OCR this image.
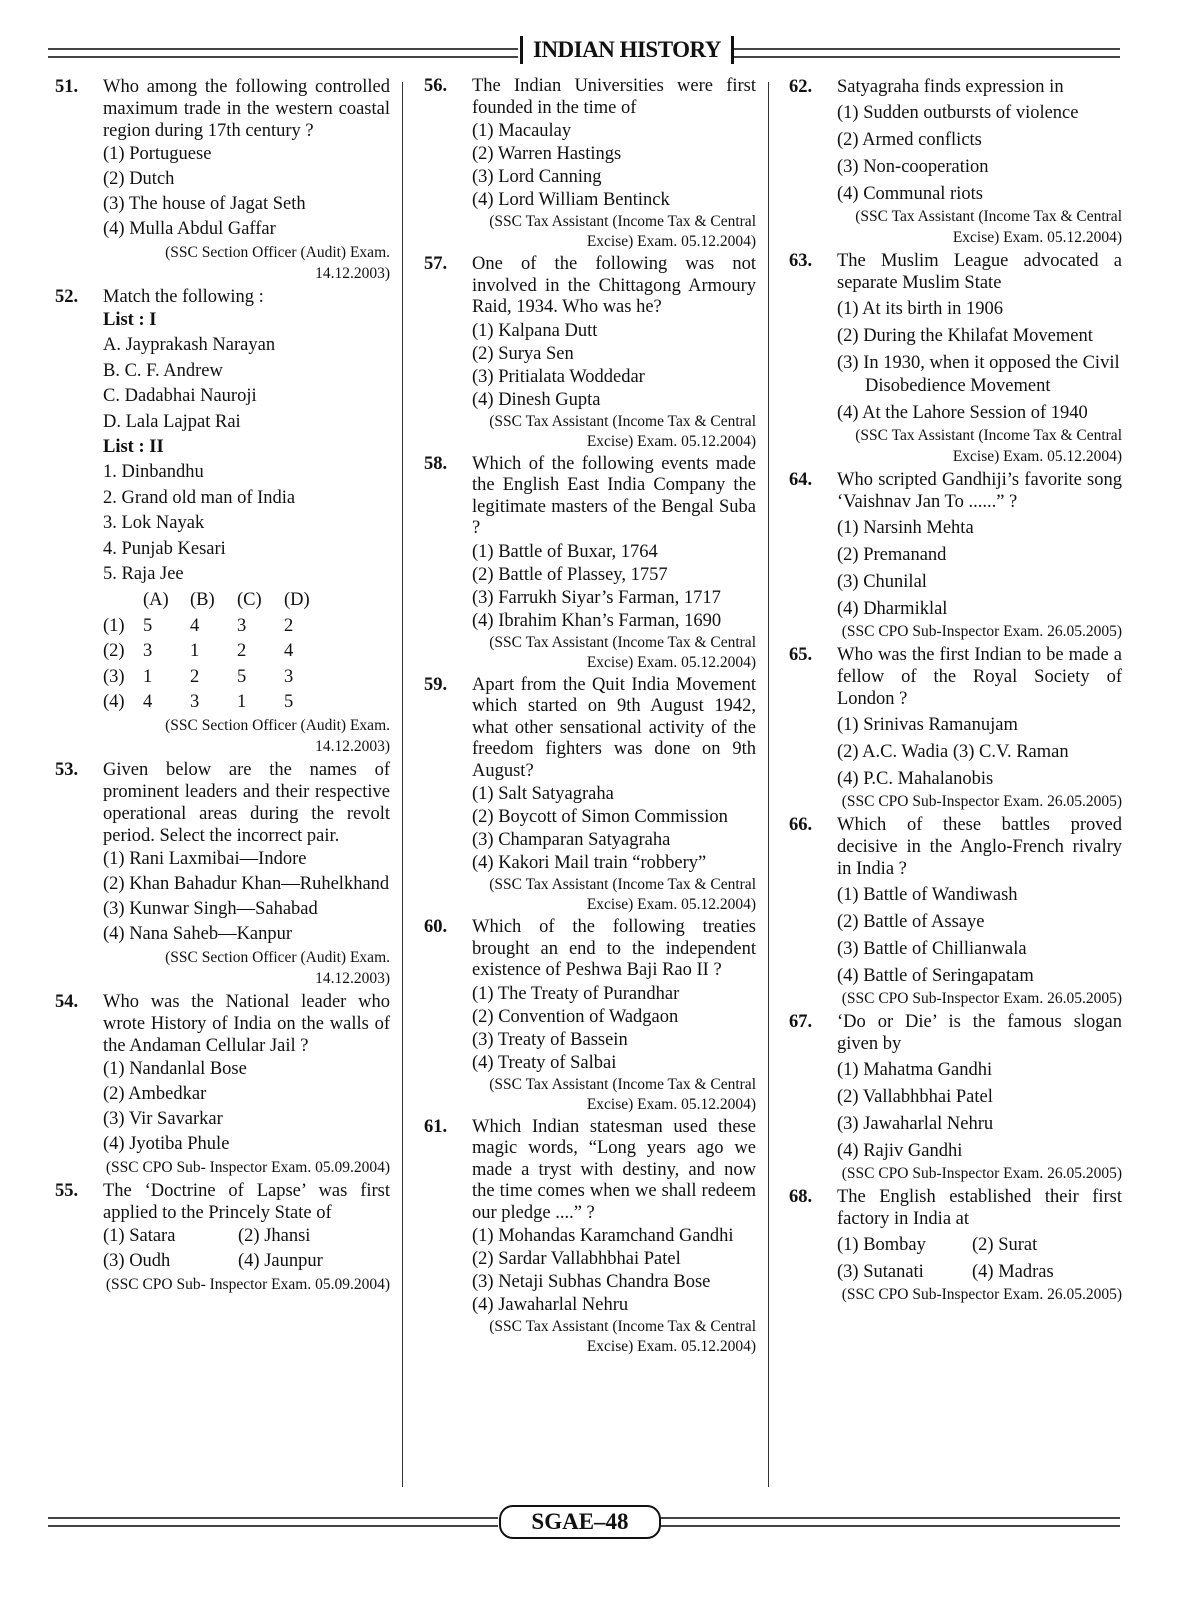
INDIAN HISTORY
51. Who among the following controlled maximum trade in the western coastal region during 17th century ?
(1) Portuguese
(2) Dutch
(3) The house of Jagat Seth
(4) Mulla Abdul Gaffar
(SSC Section Officer (Audit) Exam. 14.12.2003)
52. Match the following :
List : I
A. Jayprakash Narayan
B. C. F. Andrew
C. Dadabhai Nauroji
D. Lala Lajpat Rai
List : II
1. Dinbandhu
2. Grand old man of India
3. Lok Nayak
4. Punjab Kesari
5. Raja Jee
	(A)	(B)	(C)	(D)
(1)	5	4	3	2
(2)	3	1	2	4
(3)	1	2	5	3
(4)	4	3	1	5
(SSC Section Officer (Audit) Exam. 14.12.2003)
53. Given below are the names of prominent leaders and their respective operational areas during the revolt period. Select the incorrect pair.
(1) Rani Laxmibai—Indore
(2) Khan Bahadur Khan—Ruhelkhand
(3) Kunwar Singh—Sahabad
(4) Nana Saheb—Kanpur
(SSC Section Officer (Audit) Exam. 14.12.2003)
54. Who was the National leader who wrote History of India on the walls of the Andaman Cellular Jail ?
(1) Nandanlal Bose
(2) Ambedkar
(3) Vir Savarkar
(4) Jyotiba Phule
(SSC CPO Sub- Inspector Exam. 05.09.2004)
55. The ‘Doctrine of Lapse’ was first applied to the Princely State of
(1) Satara	(2) Jhansi
(3) Oudh	(4) Jaunpur
(SSC CPO Sub- Inspector Exam. 05.09.2004)
56. The Indian Universities were first founded in the time of
(1) Macaulay
(2) Warren Hastings
(3) Lord Canning
(4) Lord William Bentinck
(SSC Tax Assistant (Income Tax & Central Excise) Exam. 05.12.2004)
57. One of the following was not involved in the Chittagong Armoury Raid, 1934. Who was he?
(1) Kalpana Dutt
(2) Surya Sen
(3) Pritialata Woddedar
(4) Dinesh Gupta
(SSC Tax Assistant (Income Tax & Central Excise) Exam. 05.12.2004)
58. Which of the following events made the English East India Company the legitimate masters of the Bengal Suba ?
(1) Battle of Buxar, 1764
(2) Battle of Plassey, 1757
(3) Farrukh Siyar’s Farman, 1717
(4) Ibrahim Khan’s Farman, 1690
(SSC Tax Assistant (Income Tax & Central Excise) Exam. 05.12.2004)
59. Apart from the Quit India Movement which started on 9th August 1942, what other sensational activity of the freedom fighters was done on 9th August?
(1) Salt Satyagraha
(2) Boycott of Simon Commission
(3) Champaran Satyagraha
(4) Kakori Mail train “robbery”
(SSC Tax Assistant (Income Tax & Central Excise) Exam. 05.12.2004)
60. Which of the following treaties brought an end to the independent existence of Peshwa Baji Rao II ?
(1) The Treaty of Purandhar
(2) Convention of Wadgaon
(3) Treaty of Bassein
(4) Treaty of Salbai
(SSC Tax Assistant (Income Tax & Central Excise) Exam. 05.12.2004)
61. Which Indian statesman used these magic words, “Long years ago we made a tryst with destiny, and now the time comes when we shall redeem our pledge ....” ?
(1) Mohandas Karamchand Gandhi
(2) Sardar Vallabhbhai Patel
(3) Netaji Subhas Chandra Bose
(4) Jawaharlal Nehru
(SSC Tax Assistant (Income Tax & Central Excise) Exam. 05.12.2004)
62. Satyagraha finds expression in
(1) Sudden outbursts of violence
(2) Armed conflicts
(3) Non-cooperation
(4) Communal riots
(SSC Tax Assistant (Income Tax & Central Excise) Exam. 05.12.2004)
63. The Muslim League advocated a separate Muslim State
(1) At its birth in 1906
(2) During the Khilafat Movement
(3) In 1930, when it opposed the Civil Disobedience Movement
(4) At the Lahore Session of 1940
(SSC Tax Assistant (Income Tax & Central Excise) Exam. 05.12.2004)
64. Who scripted Gandhiji’s favorite song ‘Vaishnav Jan To ......” ?
(1) Narsinh Mehta
(2) Premanand
(3) Chunilal
(4) Dharmiklal
(SSC CPO Sub-Inspector Exam. 26.05.2005)
65. Who was the first Indian to be made a fellow of the Royal Society of London ?
(1) Srinivas Ramanujam
(2) A.C. Wadia (3) C.V. Raman
(4) P.C. Mahalanobis
(SSC CPO Sub-Inspector Exam. 26.05.2005)
66. Which of these battles proved decisive in the Anglo-French rivalry in India ?
(1) Battle of Wandiwash
(2) Battle of Assaye
(3) Battle of Chillianwala
(4) Battle of Seringapatam
(SSC CPO Sub-Inspector Exam. 26.05.2005)
67. ‘Do or Die’ is the famous slogan given by
(1) Mahatma Gandhi
(2) Vallabhbhai Patel
(3) Jawaharlal Nehru
(4) Rajiv Gandhi
(SSC CPO Sub-Inspector Exam. 26.05.2005)
68. The English established their first factory in India at
(1) Bombay	(2) Surat
(3) Sutanati	(4) Madras
(SSC CPO Sub-Inspector Exam. 26.05.2005)
SGAE–48
